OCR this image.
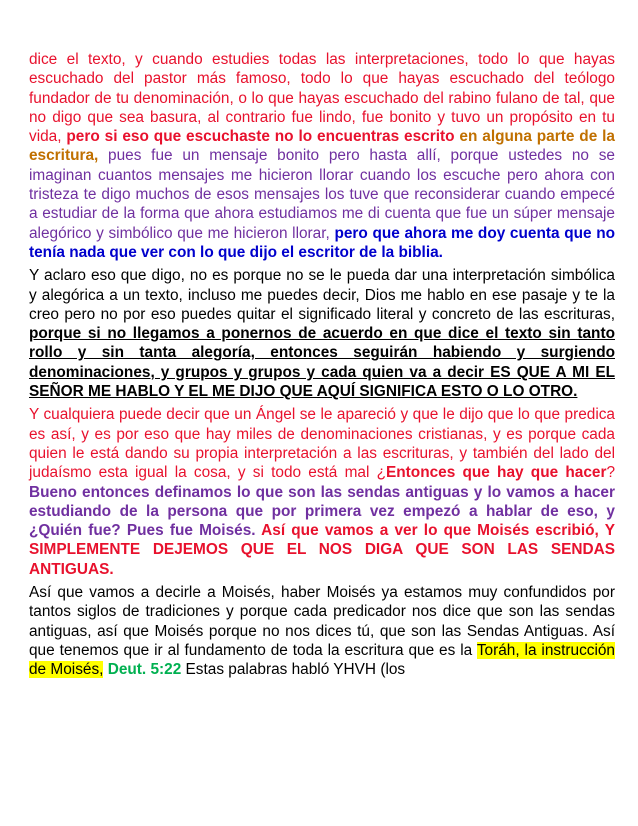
dice el texto, y cuando estudies todas las interpretaciones, todo lo que hayas escuchado del pastor más famoso, todo lo que hayas escuchado del teólogo fundador de tu denominación, o lo que hayas escuchado del rabino fulano de tal, que no digo que sea basura, al contrario fue lindo, fue bonito y tuvo un propósito en tu vida, pero si eso que escuchaste no lo encuentras escrito en alguna parte de la escritura, pues fue un mensaje bonito pero hasta allí, porque ustedes no se imaginan cuantos mensajes me hicieron llorar cuando los escuche pero ahora con tristeza te digo muchos de esos mensajes los tuve que reconsiderar cuando empecé a estudiar de la forma que ahora estudiamos me di cuenta que fue un súper mensaje alegórico y simbólico que me hicieron llorar, pero que ahora me doy cuenta que no tenía nada que ver con lo que dijo el escritor de la biblia.

Y aclaro eso que digo, no es porque no se le pueda dar una interpretación simbólica y alegórica a un texto, incluso me puedes decir, Dios me hablo en ese pasaje y te la creo pero no por eso puedes quitar el significado literal y concreto de las escrituras, porque si no llegamos a ponernos de acuerdo en que dice el texto sin tanto rollo y sin tanta alegoría, entonces seguirán habiendo y surgiendo denominaciones, y grupos y grupos y cada quien va a decir ES QUE A MI EL SEÑOR ME HABLO Y EL ME DIJO QUE AQUÍ SIGNIFICA ESTO O LO OTRO.

Y cualquiera puede decir que un Ángel se le apareció y que le dijo que lo que predica es así, y es por eso que hay miles de denominaciones cristianas, y es porque cada quien le está dando su propia interpretación a las escrituras, y también del lado del judaísmo esta igual la cosa, y si todo está mal ¿Entonces que hay que hacer? Bueno entonces definamos lo que son las sendas antiguas y lo vamos a hacer estudiando de la persona que por primera vez empezó a hablar de eso, y ¿Quién fue? Pues fue Moisés. Así que vamos a ver lo que Moisés escribió, Y SIMPLEMENTE DEJEMOS QUE EL NOS DIGA QUE SON LAS SENDAS ANTIGUAS.

Así que vamos a decirle a Moisés, haber Moisés ya estamos muy confundidos por tantos siglos de tradiciones y porque cada predicador nos dice que son las sendas antiguas, así que Moisés porque no nos dices tú, que son las Sendas Antiguas. Así que tenemos que ir al fundamento de toda la escritura que es la Toráh, la instrucción de Moisés, Deut. 5:22 Estas palabras habló YHVH (los
